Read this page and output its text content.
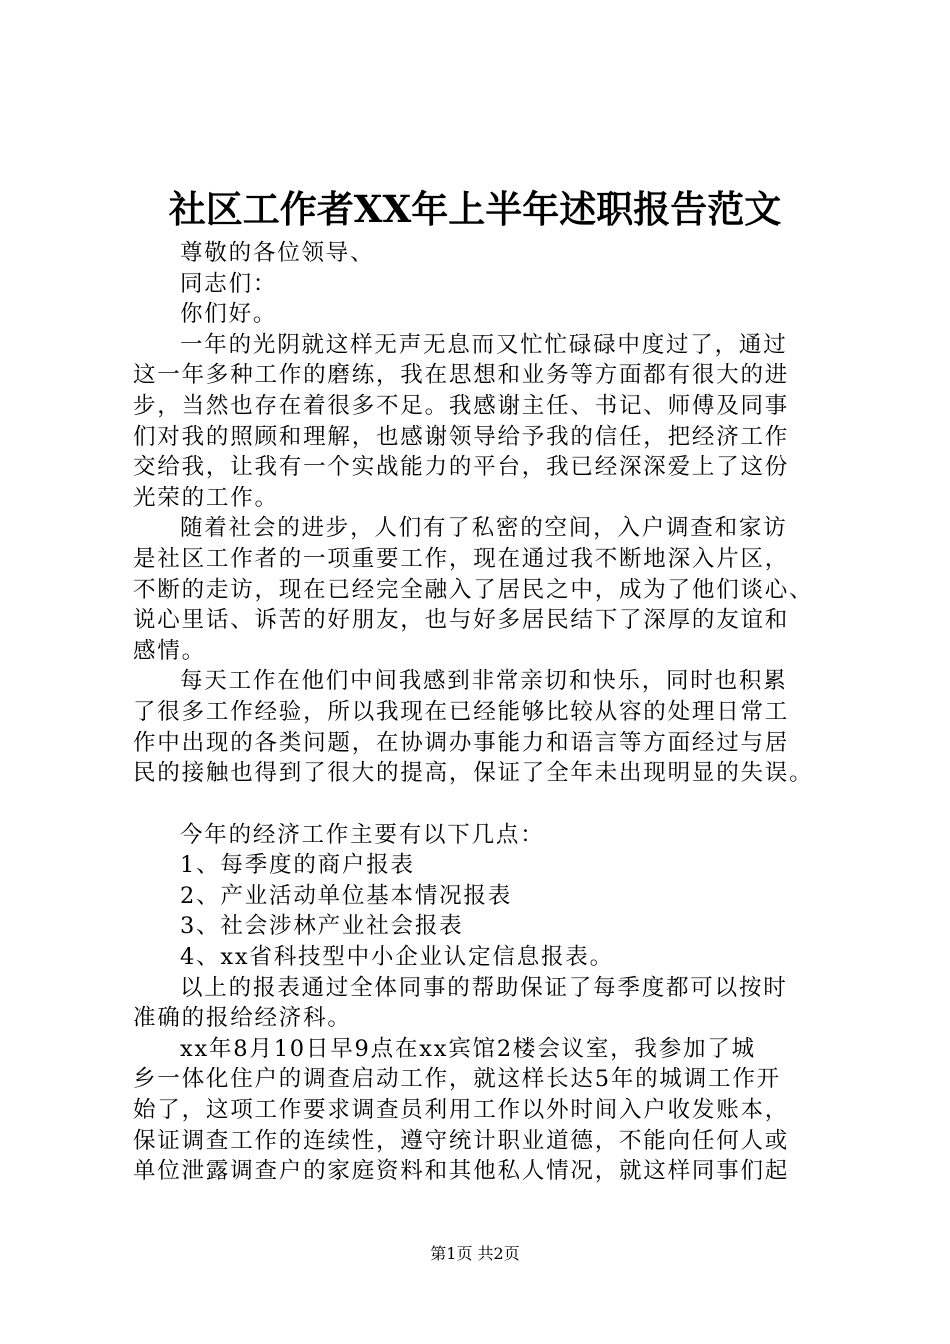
社区工作者XX年上半年述职报告范文
尊敬的各位领导、
同志们：
你们好。
一年的光阴就这样无声无息而又忙忙碌碌中度过了，通过
这一年多种工作的磨练，我在思想和业务等方面都有很大的进
步，当然也存在着很多不足。我感谢主任、书记、师傅及同事
们对我的照顾和理解，也感谢领导给予我的信任，把经济工作
交给我，让我有一个实战能力的平台，我已经深深爱上了这份
光荣的工作。
随着社会的进步，人们有了私密的空间，入户调查和家访
是社区工作者的一项重要工作，现在通过我不断地深入片区，
不断的走访，现在已经完全融入了居民之中，成为了他们谈心、
说心里话、诉苦的好朋友，也与好多居民结下了深厚的友谊和
感情。
每天工作在他们中间我感到非常亲切和快乐，同时也积累
了很多工作经验，所以我现在已经能够比较从容的处理日常工
作中出现的各类问题，在协调办事能力和语言等方面经过与居
民的接触也得到了很大的提高，保证了全年未出现明显的失误。
今年的经济工作主要有以下几点：
1、每季度的商户报表
2、产业活动单位基本情况报表
3、社会涉林产业社会报表
4、xx省科技型中小企业认定信息报表。
以上的报表通过全体同事的帮助保证了每季度都可以按时
准确的报给经济科。
xx年8月10日早9点在xx宾馆2楼会议室，我参加了城
乡一体化住户的调查启动工作，就这样长达5年的城调工作开
始了，这项工作要求调查员利用工作以外时间入户收发账本，
保证调查工作的连续性，遵守统计职业道德，不能向任何人或
单位泄露调查户的家庭资料和其他私人情况，就这样同事们起
第1页 共2页
